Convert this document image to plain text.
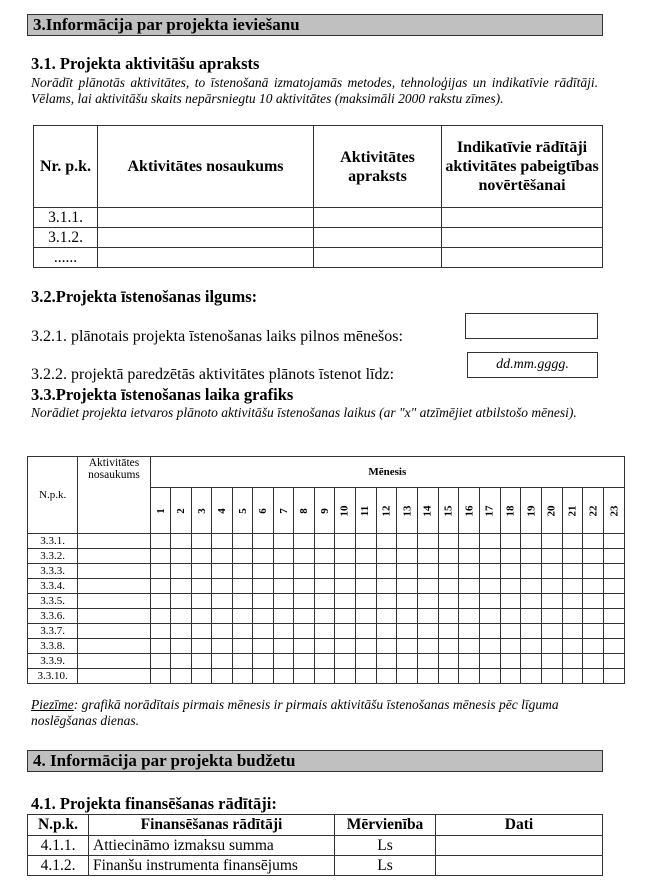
3.Informācija par projekta ieviešanu
3.1. Projekta aktivitāšu apraksts
Norādīt plānotās aktivitātes, to īstenošanā izmatojamās metodes, tehnoloģijas un indikatīvie rādītāji. Vēlams, lai aktivitāšu skaits nepārsniegtu 10 aktivitātes (maksimāli 2000 rakstu zīmes).
Nr. p.k.	Aktivitātes nosaukums	Aktivitātes apraksts	Indikatīvie rādītāji aktivitātes pabeigtības novērtēšanai
3.1.1.			
3.1.2.			
......			
3.2.Projekta īstenošanas ilgums:
3.2.1. plānotais projekta īstenošanas laiks pilnos mēnešos:
3.2.2. projektā paredzētās aktivitātes plānots īstenot līdz:
dd.mm.gggg.
3.3.Projekta īstenošanas laika grafiks
Norādiet projekta ietvaros plānoto aktivitāšu īstenošanas laikus (ar "x" atzīmējiet atbilstošo mēnesi).
N.p.k.	Aktivitātes nosaukums	Mēnesis																						
		1	2	3	4	5	6	7	8	9	10	11	12	13	14	15	16	17	18	19	20	21	22	23
3.3.1.																								
3.3.2.																								
3.3.3.																								
3.3.4.																								
3.3.5.																								
3.3.6.																								
3.3.7.																								
3.3.8.																								
3.3.9.																								
3.3.10.																								
Piezīme: grafikā norādītais pirmais mēnesis ir pirmais aktivitāšu īstenošanas mēnesis pēc līguma noslēgšanas dienas.
4. Informācija par projekta budžetu
4.1. Projekta finansēšanas rādītāji:
N.p.k.	Finansēšanas rādītāji	Mērvienība	Dati
4.1.1.	Attiecināmo izmaksu summa	Ls	
4.1.2.	Finanšu instrumenta finansējums	Ls	
